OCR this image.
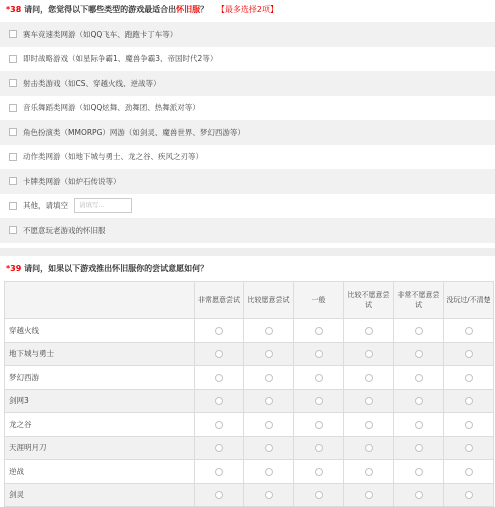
*38 请问，您觉得以下哪些类型的游戏最适合出怀旧服？ 【最多选择2项】
赛车竞速类网游（如QQ飞车、跑跑卡丁车等）
即时战略游戏（如星际争霸1、魔兽争霸3、帝国时代2等）
射击类游戏（如CS、穿越火线、逆战等）
音乐舞蹈类网游（如QQ炫舞、劲舞团、热舞派对等）
角色扮演类（MMORPG）网游（如剑灵、魔兽世界、梦幻西游等）
动作类网游（如地下城与勇士、龙之谷、疾风之刃等）
卡牌类网游（如炉石传说等）
其他，请填空	请填写...
不愿意玩老游戏的怀旧服
*39 请问，如果以下游戏推出怀旧服你的尝试意愿如何？
	非常愿意尝试	比较愿意尝试	一般	比较不愿意尝试	非常不愿意尝试	没玩过/不清楚
穿越火线						
地下城与勇士						
梦幻西游						
剑网3						
龙之谷						
天涯明月刀						
逆战						
剑灵						
